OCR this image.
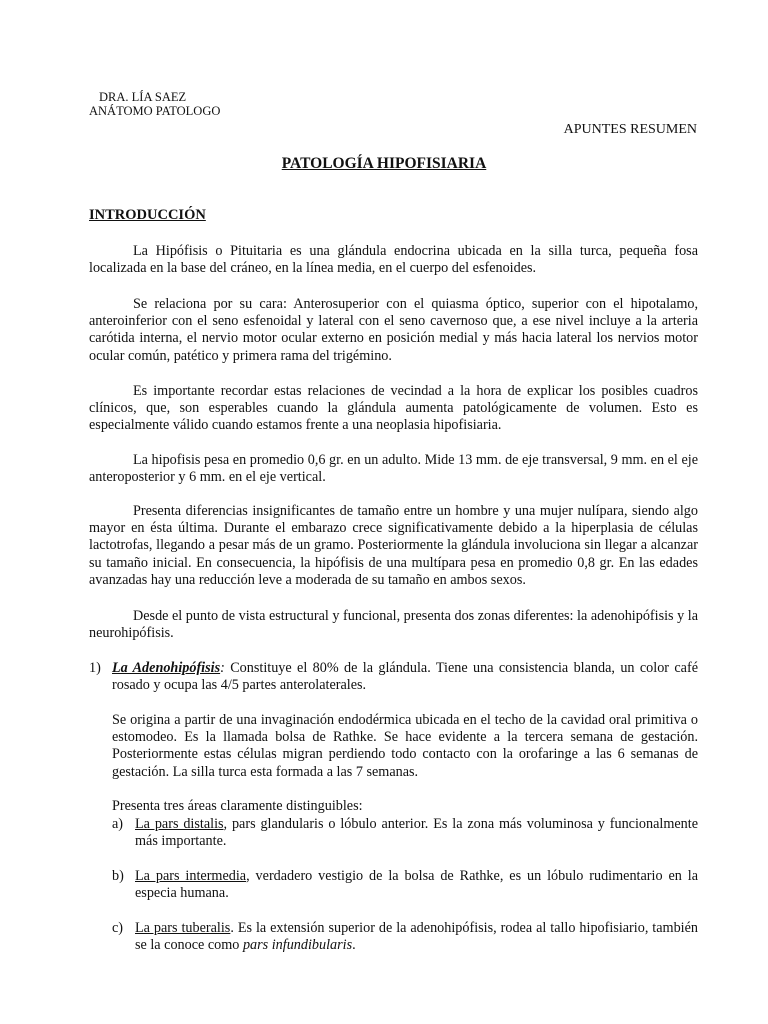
DRA. LÍA SAEZ
ANÁTOMO PATOLOGO
APUNTES RESUMEN
PATOLOGÍA HIPOFISIARIA
INTRODUCCIÓN
La Hipófisis o Pituitaria es una glándula endocrina ubicada en la silla turca, pequeña fosa localizada en la base del cráneo, en la línea media, en el cuerpo del esfenoides.
Se relaciona por su cara: Anterosuperior con el quiasma óptico, superior con el hipotalamo, anteroinferior con el seno esfenoidal y lateral con el seno cavernoso que, a ese nivel incluye a la arteria carótida interna, el nervio motor ocular externo en posición medial y más hacia lateral los nervios motor ocular común, patético y primera rama del trigémino.
Es importante recordar estas relaciones de vecindad a la hora de explicar los posibles cuadros clínicos, que, son esperables cuando la glándula aumenta patológicamente de volumen. Esto es especialmente válido cuando estamos frente a una neoplasia hipofisiaria.
La hipofisis pesa en promedio 0,6 gr. en un adulto. Mide 13 mm. de eje transversal, 9 mm. en el eje anteroposterior y 6 mm. en el eje vertical.
Presenta diferencias insignificantes de tamaño entre un hombre y una mujer nulípara, siendo algo mayor en ésta última. Durante el embarazo crece significativamente debido a la hiperplasia de células lactotrofas, llegando a pesar más de un gramo. Posteriormente la glándula involuciona sin llegar a alcanzar su tamaño inicial. En consecuencia, la hipófisis de una multípara pesa en promedio 0,8 gr. En las edades avanzadas hay una reducción leve a moderada de su tamaño en ambos sexos.
Desde el punto de vista estructural y funcional, presenta dos zonas diferentes: la adenohipófisis y la neurohipófisis.
1) La Adenohipófisis: Constituye el 80% de la glándula. Tiene una consistencia blanda, un color café rosado y ocupa las 4/5 partes anterolaterales.
Se origina a partir de una invaginación endodérmica ubicada en el techo de la cavidad oral primitiva o estomodeo. Es la llamada bolsa de Rathke. Se hace evidente a la tercera semana de gestación. Posteriormente estas células migran perdiendo todo contacto con la orofaringe a las 6 semanas de gestación. La silla turca esta formada a las 7 semanas.
Presenta tres áreas claramente distinguibles:
a) La pars distalis, pars glandularis o lóbulo anterior. Es la zona más voluminosa y funcionalmente más importante.
b) La pars intermedia, verdadero vestigio de la bolsa de Rathke, es un lóbulo rudimentario en la especia humana.
c) La pars tuberalis. Es la extensión superior de la adenohipófisis, rodea al tallo hipofisiario, también se la conoce como pars infundibularis.
